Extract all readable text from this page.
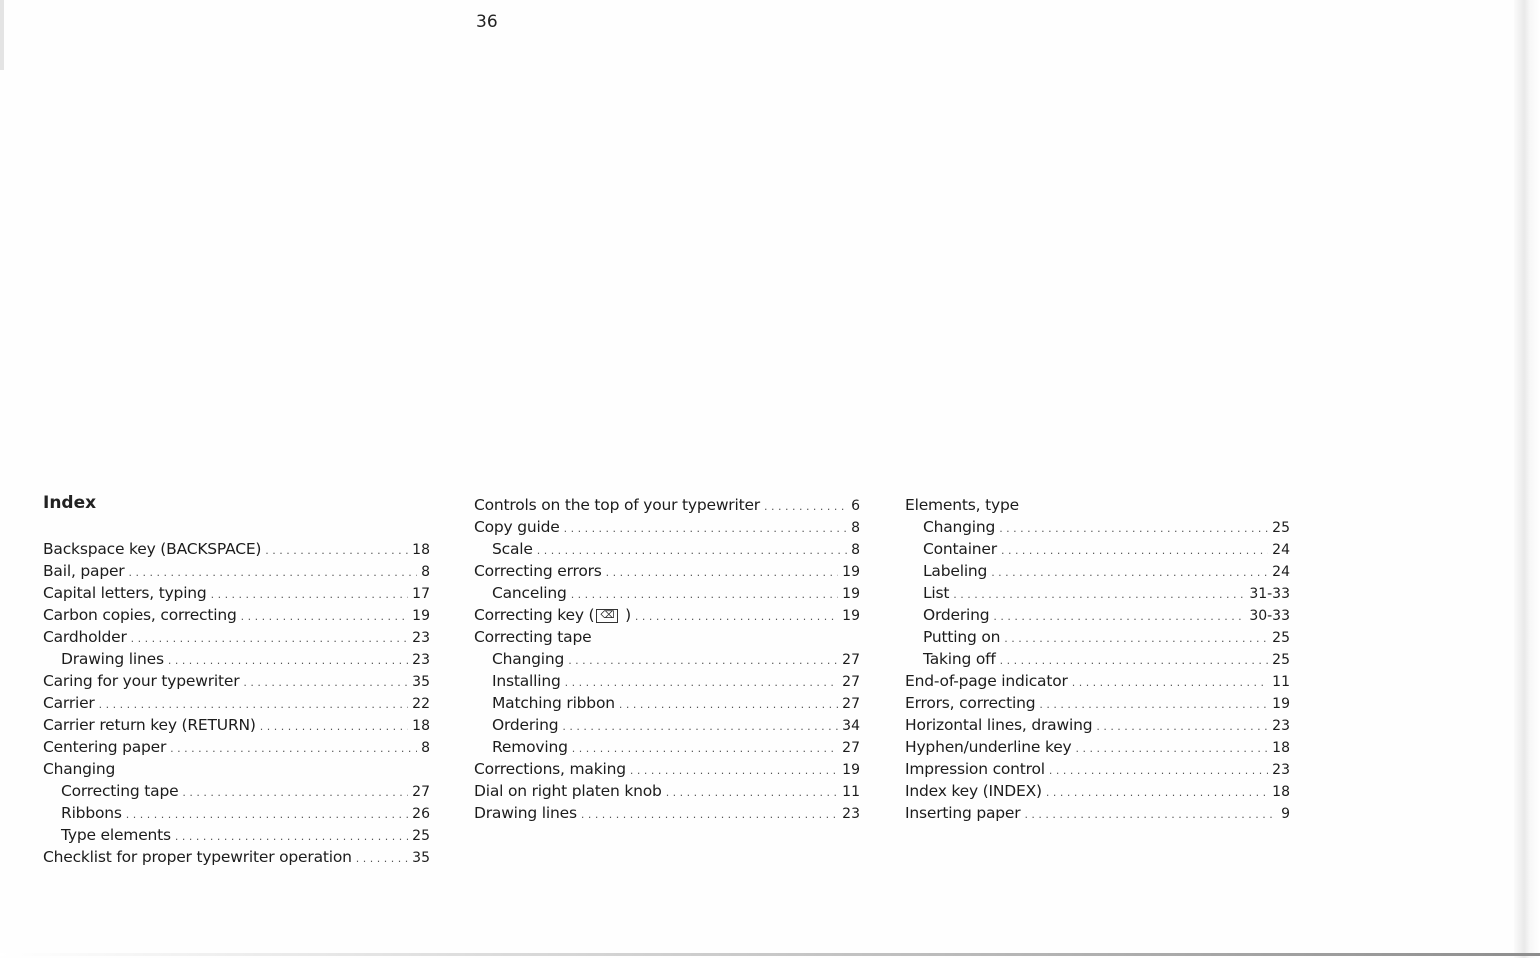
36
Index
Backspace key (BACKSPACE) . . .	18
Bail, paper . . .	8
Capital letters, typing . . .	17
Carbon copies, correcting . . .	19
Cardholder . . .	23
Drawing lines . . .	23
Caring for your typewriter . . .	35
Carrier . . .	22
Carrier return key (RETURN) . . .	18
Centering paper . . .	8
Changing
Correcting tape . . .	27
Ribbons . . .	26
Type elements . . .	25
Checklist for proper typewriter operation . . .	35
Controls on the top of your typewriter . . .	6
Copy guide . . .	8
Scale . . .	8
Correcting errors . . .	19
Canceling . . .	19
Correcting key ( ⌫ ) . . .	19
Correcting tape
Changing . . .	27
Installing . . .	27
Matching ribbon . . .	27
Ordering . . .	34
Removing . . .	27
Corrections, making . . .	19
Dial on right platen knob . . .	11
Drawing lines . . .	23
Elements, type
Changing . . .	25
Container . . .	24
Labeling . . .	24
List . . .	31-33
Ordering . . .	30-33
Putting on . . .	25
Taking off . . .	25
End-of-page indicator . . .	11
Errors, correcting . . .	19
Horizontal lines, drawing . . .	23
Hyphen/underline key . . .	18
Impression control . . .	23
Index key (INDEX) . . .	18
Inserting paper . . .	9
